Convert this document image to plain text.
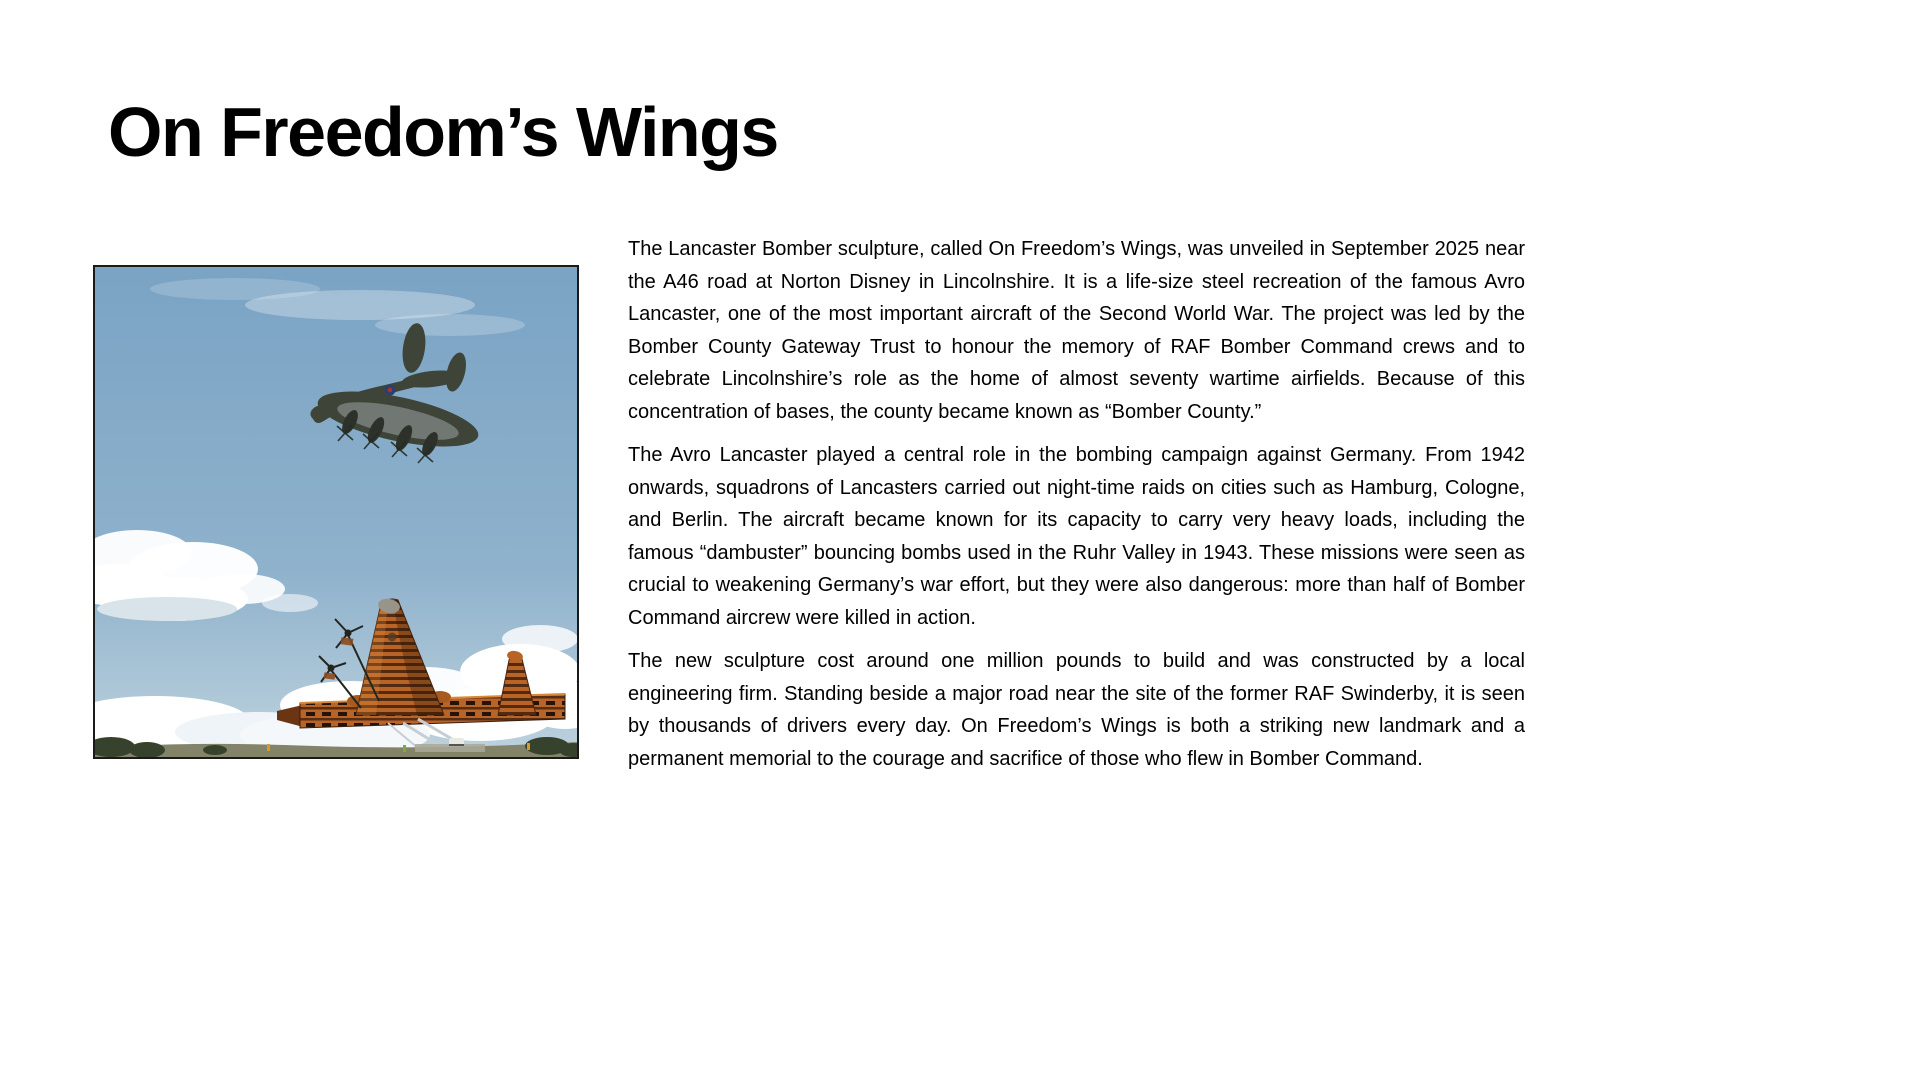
On Freedom’s Wings

The Lancaster Bomber sculpture, called On Freedom’s Wings, was unveiled in September 2025 near the A46 road at Norton Disney in Lincolnshire. It is a life-size steel recreation of the famous Avro Lancaster, one of the most important aircraft of the Second World War. The project was led by the Bomber County Gateway Trust to honour the memory of RAF Bomber Command crews and to celebrate Lincolnshire’s role as the home of almost seventy wartime airfields. Because of this concentration of bases, the county became known as “Bomber County.”

The Avro Lancaster played a central role in the bombing campaign against Germany. From 1942 onwards, squadrons of Lancasters carried out night-time raids on cities such as Hamburg, Cologne, and Berlin. The aircraft became known for its capacity to carry very heavy loads, including the famous “dambuster” bouncing bombs used in the Ruhr Valley in 1943. These missions were seen as crucial to weakening Germany’s war effort, but they were also dangerous: more than half of Bomber Command aircrew were killed in action.

The new sculpture cost around one million pounds to build and was constructed by a local engineering firm. Standing beside a major road near the site of the former RAF Swinderby, it is seen by thousands of drivers every day. On Freedom’s Wings is both a striking new landmark and a permanent memorial to the courage and sacrifice of those who flew in Bomber Command.
